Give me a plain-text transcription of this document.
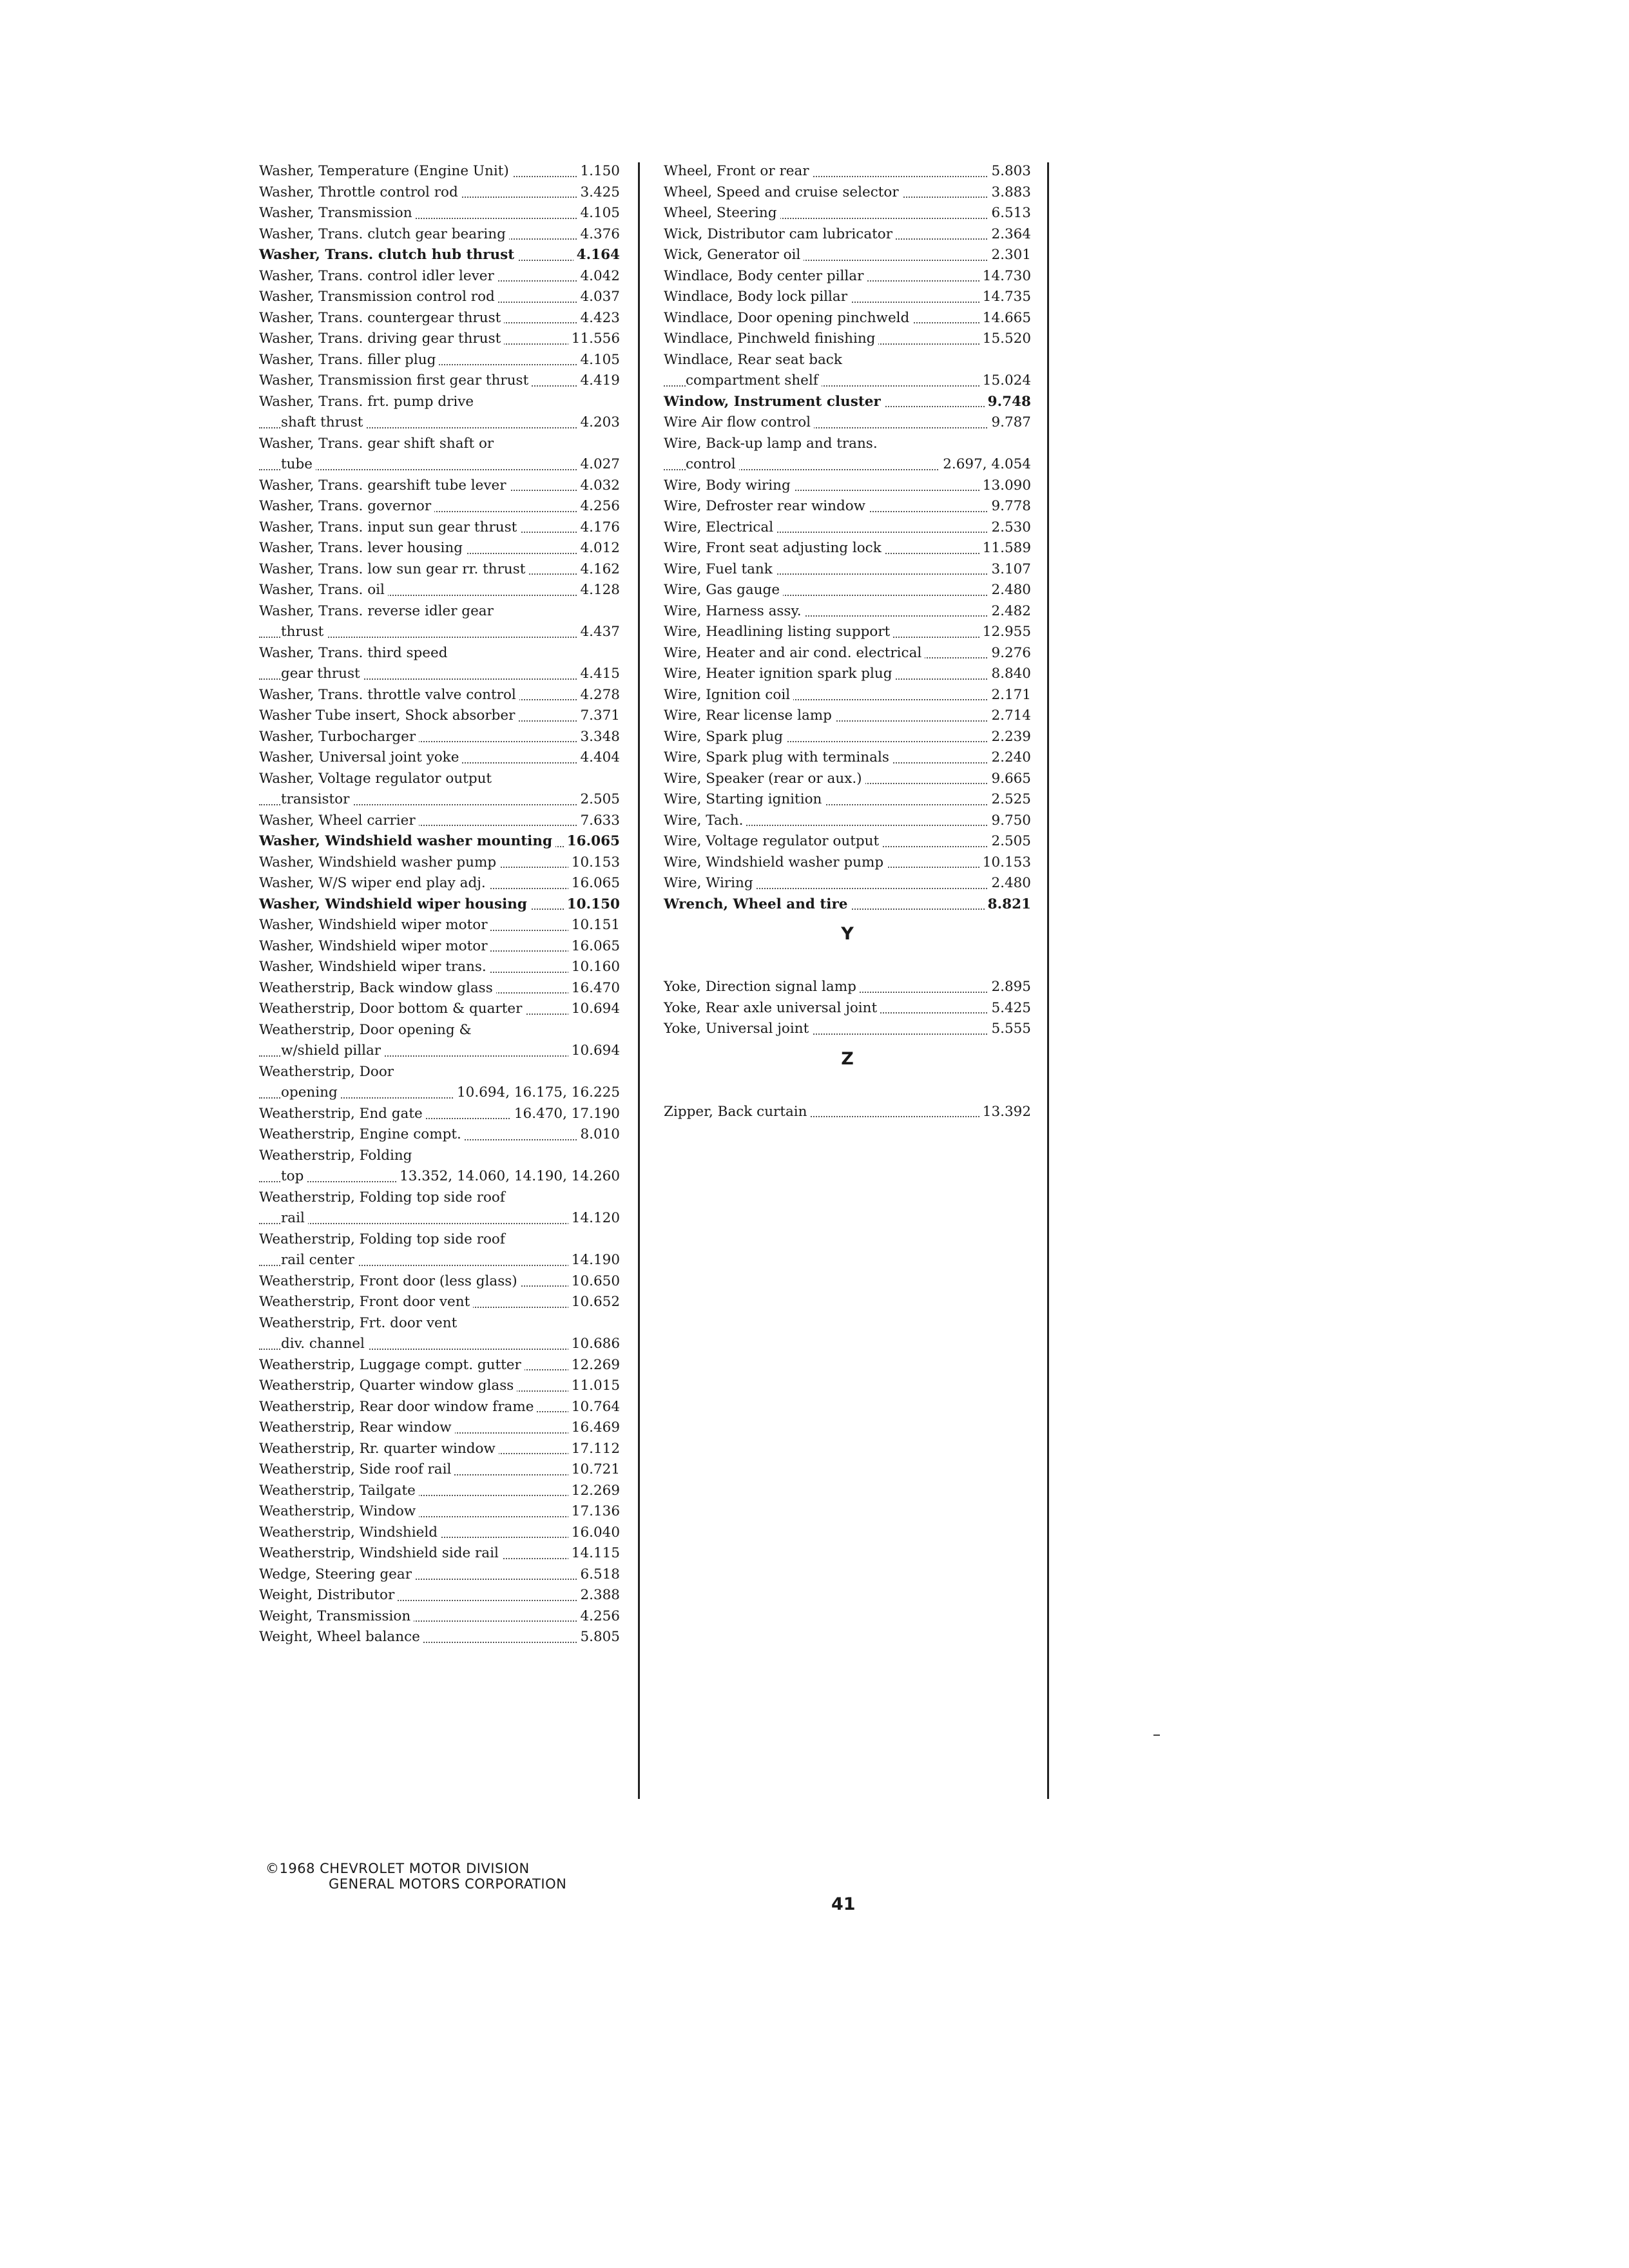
Washer, Temperature (Engine Unit)	1.150
Washer, Throttle control rod	3.425
Washer, Transmission	4.105
Washer, Trans. clutch gear bearing	4.376
Washer, Trans. clutch hub thrust	4.164
Washer, Trans. control idler lever	4.042
Washer, Transmission control rod	4.037
Washer, Trans. countergear thrust	4.423
Washer, Trans. driving gear thrust	11.556
Washer, Trans. filler plug	4.105
Washer, Transmission first gear thrust	4.419
Washer, Trans. frt. pump drive
shaft thrust	4.203
Washer, Trans. gear shift shaft or
tube	4.027
Washer, Trans. gearshift tube lever	4.032
Washer, Trans. governor	4.256
Washer, Trans. input sun gear thrust	4.176
Washer, Trans. lever housing	4.012
Washer, Trans. low sun gear rr. thrust	4.162
Washer, Trans. oil	4.128
Washer, Trans. reverse idler gear
thrust	4.437
Washer, Trans. third speed
gear thrust	4.415
Washer, Trans. throttle valve control	4.278
Washer Tube insert, Shock absorber	7.371
Washer, Turbocharger	3.348
Washer, Universal joint yoke	4.404
Washer, Voltage regulator output
transistor	2.505
Washer, Wheel carrier	7.633
Washer, Windshield washer mounting 16.065
Washer, Windshield washer pump	10.153
Washer, W/S wiper end play adj.	16.065
Washer, Windshield wiper housing	10.150
Washer, Windshield wiper motor	10.151
Washer, Windshield wiper motor	16.065
Washer, Windshield wiper trans.	10.160
Weatherstrip, Back window glass	16.470
Weatherstrip, Door bottom & quarter	10.694
Weatherstrip, Door opening &
w/shield pillar	10.694
Weatherstrip, Door
opening	10.694, 16.175, 16.225
Weatherstrip, End gate	16.470, 17.190
Weatherstrip, Engine compt.	8.010
Weatherstrip, Folding
top	13.352, 14.060, 14.190, 14.260
Weatherstrip, Folding top side roof
rail	14.120
Weatherstrip, Folding top side roof
rail center	14.190
Weatherstrip, Front door (less glass)	10.650
Weatherstrip, Front door vent	10.652
Weatherstrip, Frt. door vent
div. channel	10.686
Weatherstrip, Luggage compt. gutter	12.269
Weatherstrip, Quarter window glass	11.015
Weatherstrip, Rear door window frame	10.764
Weatherstrip, Rear window	16.469
Weatherstrip, Rr. quarter window	17.112
Weatherstrip, Side roof rail	10.721
Weatherstrip, Tailgate	12.269
Weatherstrip, Window	17.136
Weatherstrip, Windshield	16.040
Weatherstrip, Windshield side rail	14.115
Wedge, Steering gear	6.518
Weight, Distributor	2.388
Weight, Transmission	4.256
Weight, Wheel balance	5.805
Wheel, Front or rear	5.803
Wheel, Speed and cruise selector	3.883
Wheel, Steering	6.513
Wick, Distributor cam lubricator	2.364
Wick, Generator oil	2.301
Windlace, Body center pillar	14.730
Windlace, Body lock pillar	14.735
Windlace, Door opening pinchweld	14.665
Windlace, Pinchweld finishing	15.520
Windlace, Rear seat back
compartment shelf	15.024
Window, Instrument cluster	9.748
Wire Air flow control	9.787
Wire, Back-up lamp and trans.
control	2.697, 4.054
Wire, Body wiring	13.090
Wire, Defroster rear window	9.778
Wire, Electrical	2.530
Wire, Front seat adjusting lock	11.589
Wire, Fuel tank	3.107
Wire, Gas gauge	2.480
Wire, Harness assy.	2.482
Wire, Headlining listing support	12.955
Wire, Heater and air cond. electrical	9.276
Wire, Heater ignition spark plug	8.840
Wire, Ignition coil	2.171
Wire, Rear license lamp	2.714
Wire, Spark plug	2.239
Wire, Spark plug with terminals	2.240
Wire, Speaker (rear or aux.)	9.665
Wire, Starting ignition	2.525
Wire, Tach.	9.750
Wire, Voltage regulator output	2.505
Wire, Windshield washer pump	10.153
Wire, Wiring	2.480
Wrench, Wheel and tire	8.821
Y
Yoke, Direction signal lamp	2.895
Yoke, Rear axle universal joint	5.425
Yoke, Universal joint	5.555
Z
Zipper, Back curtain	13.392
©1968 CHEVROLET MOTOR DIVISION
GENERAL MOTORS CORPORATION
41
